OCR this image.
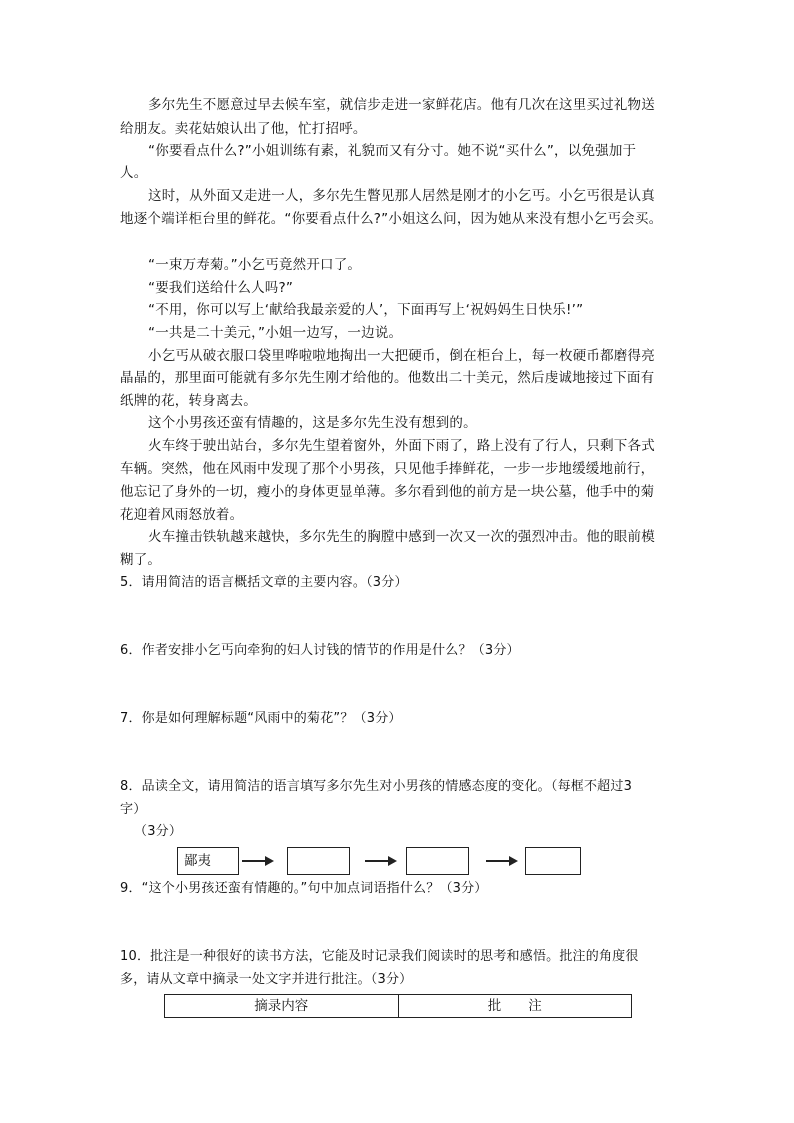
多尔先生不愿意过早去候车室，就信步走进一家鲜花店。他有几次在这里买过礼物送
给朋友。卖花姑娘认出了他，忙打招呼。
“你要看点什么?”小姐训练有素，礼貌而又有分寸。她不说“买什么”，以免强加于
人。
这时，从外面又走进一人，多尔先生瞥见那人居然是刚才的小乞丐。小乞丐很是认真
地逐个端详柜台里的鲜花。“你要看点什么?”小姐这么问，因为她从来没有想小乞丐会买。
“一束万寿菊。”小乞丐竟然开口了。
“要我们送给什么人吗?”
“不用，你可以写上‘献给我最亲爱的人’，下面再写上‘祝妈妈生日快乐!’”
“一共是二十美元，”小姐一边写，一边说。
小乞丐从破衣服口袋里哗啦啦地掏出一大把硬币，倒在柜台上，每一枚硬币都磨得亮
晶晶的，那里面可能就有多尔先生刚才给他的。他数出二十美元，然后虔诚地接过下面有
纸牌的花，转身离去。
这个小男孩还蛮有情趣的，这是多尔先生没有想到的。
火车终于驶出站台，多尔先生望着窗外，外面下雨了，路上没有了行人，只剩下各式
车辆。突然，他在风雨中发现了那个小男孩，只见他手捧鲜花，一步一步地缓缓地前行，
他忘记了身外的一切，瘦小的身体更显单薄。多尔看到他的前方是一块公墓，他手中的菊
花迎着风雨怒放着。
火车撞击铁轨越来越快，多尔先生的胸膛中感到一次又一次的强烈冲击。他的眼前模
糊了。
5．请用简洁的语言概括文章的主要内容。（3分）
6．作者安排小乞丐向牵狗的妇人讨钱的情节的作用是什么？（3分）
7．你是如何理解标题“风雨中的菊花”？（3分）
8．品读全文，请用简洁的语言填写多尔先生对小男孩的情感态度的变化。（每框不超过3
字）
（3分）
鄙夷
9．“这个小男孩还蛮有情趣的。”句中加点词语指什么？（3分）
10．批注是一种很好的读书方法，它能及时记录我们阅读时的思考和感悟。批注的角度很
多，请从文章中摘录一处文字并进行批注。（3分）
摘录内容	批　　注
